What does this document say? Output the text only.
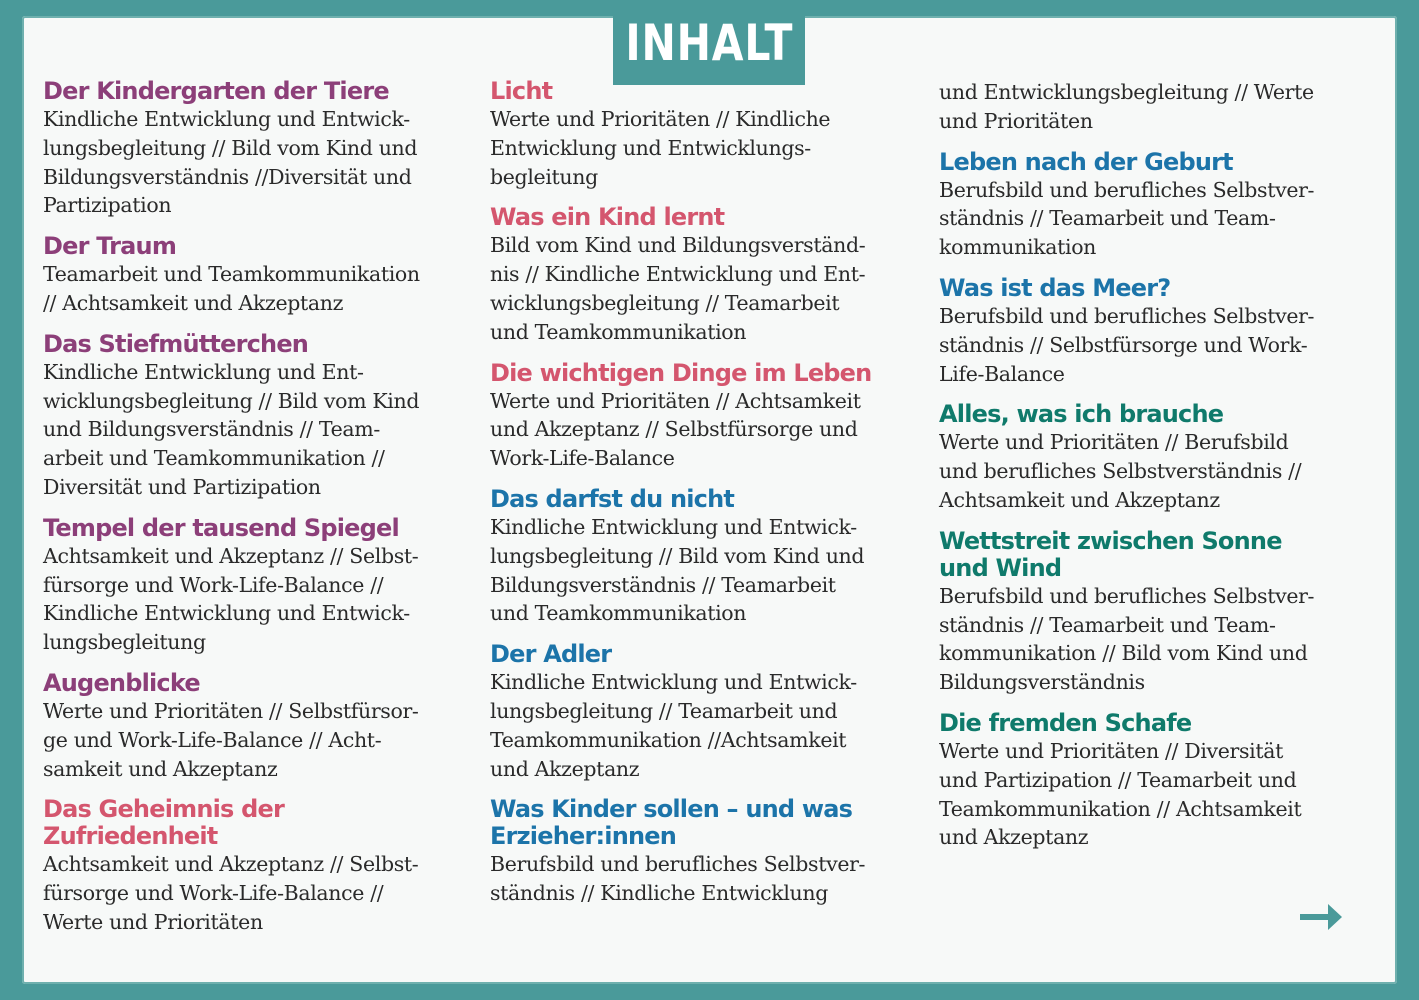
INHALT
Der Kindergarten der Tiere

Kindliche Entwicklung und Entwick-
lungsbegleitung // Bild vom Kind und
Bildungsverständnis //Diversität und
Partizipation

Der Traum

Teamarbeit und Teamkommunikation
// Achtsamkeit und Akzeptanz

Das Stiefmütterchen

Kindliche Entwicklung und Ent-
wicklungsbegleitung // Bild vom Kind
und Bildungsverständnis // Team-
arbeit und Teamkommunikation //
Diversität und Partizipation

Tempel der tausend Spiegel

Achtsamkeit und Akzeptanz // Selbst-
fürsorge und Work-Life-Balance //
Kindliche Entwicklung und Entwick-
lungsbegleitung

Augenblicke

Werte und Prioritäten // Selbstfürsor-
ge und Work-Life-Balance // Acht-
samkeit und Akzeptanz

Das Geheimnis der Zufriedenheit

Achtsamkeit und Akzeptanz // Selbst-
fürsorge und Work-Life-Balance //
Werte und Prioritäten

Licht

Werte und Prioritäten // Kindliche
Entwicklung und Entwicklungs-
begleitung

Was ein Kind lernt

Bild vom Kind und Bildungsverständ-
nis // Kindliche Entwicklung und Ent-
wicklungsbegleitung // Teamarbeit
und Teamkommunikation

Die wichtigen Dinge im Leben

Werte und Prioritäten // Achtsamkeit
und Akzeptanz // Selbstfürsorge und
Work-Life-Balance

Das darfst du nicht

Kindliche Entwicklung und Entwick-
lungsbegleitung // Bild vom Kind und
Bildungsverständnis // Teamarbeit
und Teamkommunikation

Der Adler

Kindliche Entwicklung und Entwick-
lungsbegleitung // Teamarbeit und
Teamkommunikation //Achtsamkeit
und Akzeptanz

Was Kinder sollen – und was
Erzieher:innen

Berufsbild und berufliches Selbstver-
ständnis // Kindliche Entwicklung

und Entwicklungsbegleitung // Werte
und Prioritäten

Leben nach der Geburt

Berufsbild und berufliches Selbstver-
ständnis // Teamarbeit und Team-
kommunikation

Was ist das Meer?

Berufsbild und berufliches Selbstver-
ständnis // Selbstfürsorge und Work-
Life-Balance

Alles, was ich brauche

Werte und Prioritäten // Berufsbild
und berufliches Selbstverständnis //
Achtsamkeit und Akzeptanz

Wettstreit zwischen Sonne
und Wind

Berufsbild und berufliches Selbstver-
ständnis // Teamarbeit und Team-
kommunikation // Bild vom Kind und
Bildungsverständnis

Die fremden Schafe

Werte und Prioritäten // Diversität
und Partizipation // Teamarbeit und
Teamkommunikation // Achtsamkeit
und Akzeptanz
